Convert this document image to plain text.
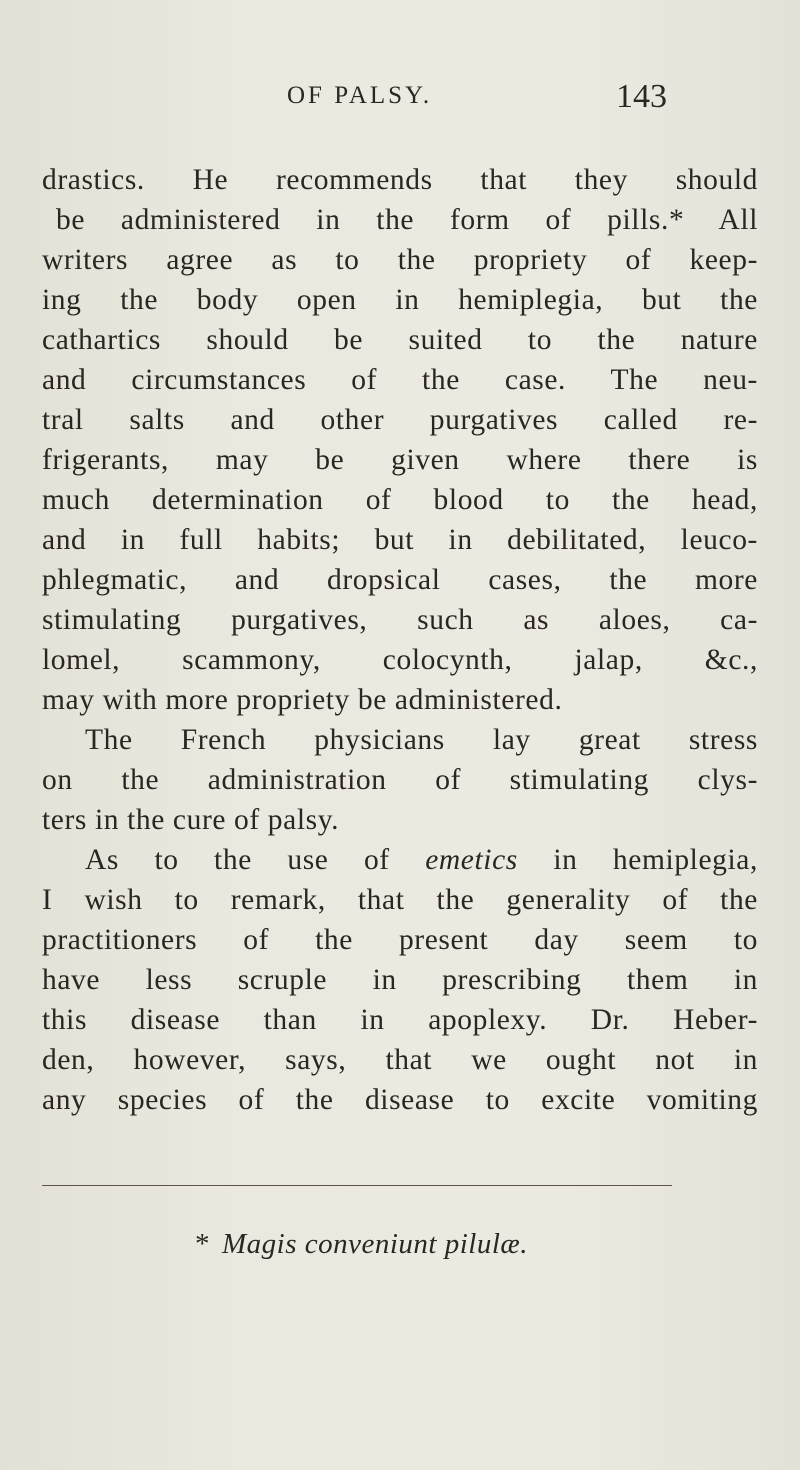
OF PALSY.	143
drastics. He recommends that they should
be administered in the form of pills.* All
writers agree as to the propriety of keep-
ing the body open in hemiplegia, but the
cathartics should be suited to the nature
and circumstances of the case. The neu-
tral salts and other purgatives called re-
frigerants, may be given where there is
much determination of blood to the head,
and in full habits; but in debilitated, leuco-
phlegmatic, and dropsical cases, the more
stimulating purgatives, such as aloes, ca-
lomel, scammony, colocynth, jalap, &c.,
may with more propriety be administered.
The French physicians lay great stress
on the administration of stimulating clys-
ters in the cure of palsy.
As to the use of emetics in hemiplegia,
I wish to remark, that the generality of the
practitioners of the present day seem to
have less scruple in prescribing them in
this disease than in apoplexy. Dr. Heber-
den, however, says, that we ought not in
any species of the disease to excite vomiting
* Magis conveniunt pilulæ.
